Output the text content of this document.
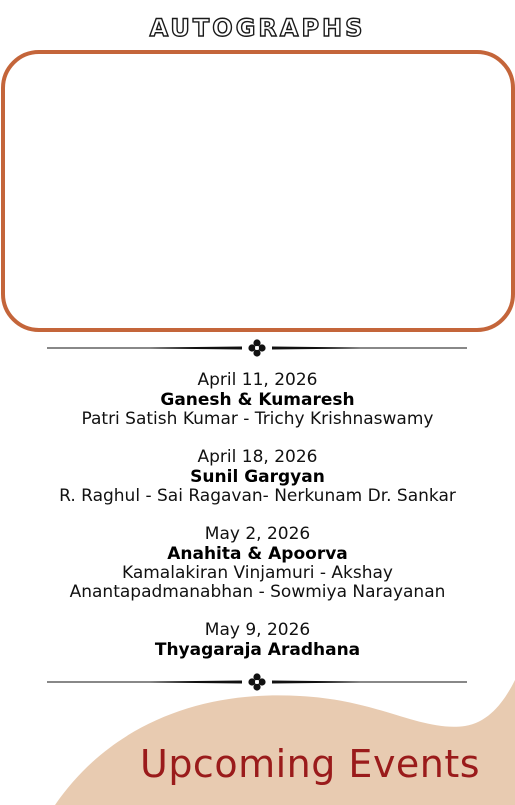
AUTOGRAPHS
April 11, 2026
Ganesh & Kumaresh
Patri Satish Kumar - Trichy Krishnaswamy
April 18, 2026
Sunil Gargyan
R. Raghul - Sai Ragavan- Nerkunam Dr. Sankar
May 2, 2026
Anahita & Apoorva
Kamalakiran Vinjamuri - Akshay Anantapadmanabhan - Sowmiya Narayanan
May 9, 2026
Thyagaraja Aradhana
Upcoming Events
